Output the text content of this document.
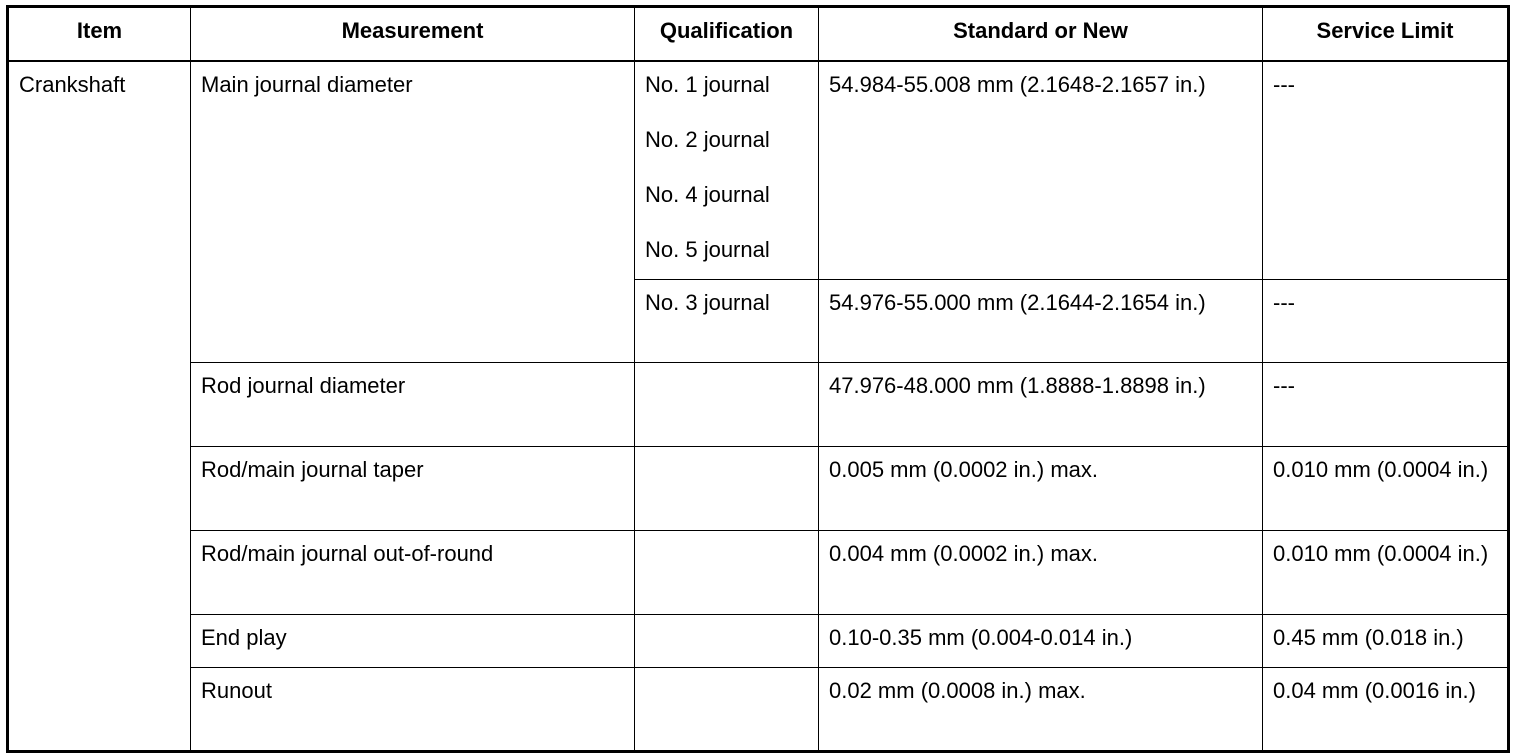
Item	Measurement	Qualification	Standard or New	Service Limit
Crankshaft	Main journal diameter	No. 1 journal
No. 2 journal
No. 4 journal
No. 5 journal	54.984-55.008 mm (2.1648-2.1657 in.)	---
		No. 3 journal	54.976-55.000 mm (2.1644-2.1654 in.)	---
	Rod journal diameter		47.976-48.000 mm (1.8888-1.8898 in.)	---
	Rod/main journal taper		0.005 mm (0.0002 in.) max.	0.010 mm (0.0004 in.)
	Rod/main journal out-of-round		0.004 mm (0.0002 in.) max.	0.010 mm (0.0004 in.)
	End play		0.10-0.35 mm (0.004-0.014 in.)	0.45 mm (0.018 in.)
	Runout		0.02 mm (0.0008 in.) max.	0.04 mm (0.0016 in.)
